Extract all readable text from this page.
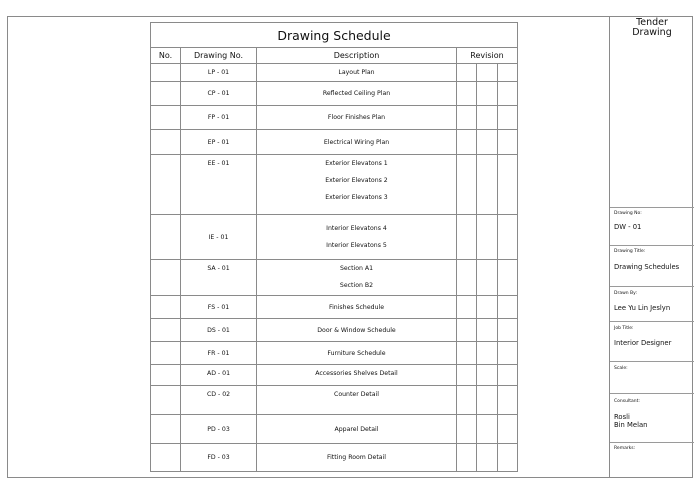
Drawing Schedule					
No.	Drawing No.	Description	Revision		

	LP - 01	Layout Plan			

	CP - 01	Reflected Ceiling Plan			

	FP - 01	Floor Finishes Plan			

	EP - 01	Electrical Wiring Plan			

	EE - 01	Exterior Elevatons 1
Exterior Elevatons 2
Exterior Elevatons 3			

	IE - 01	Interior Elevatons 4
Interior Elevatons 5			

	SA - 01	Section A1
Section B2			

	FS - 01	Finishes Schedule			

	DS - 01	Door & Window Schedule			

	FR - 01	Furniture Schedule			

	AD - 01	Accessories Shelves Detail			

	CD - 02	Counter Detail			

	PD - 03	Apparel Detail			

	FD - 03	Fitting Room Detail			

Tender
Drawing
Drawing No:
DW - 01
Drawing Title:
Drawing Schedules
Drawn By:
Lee Yu Lin Jeslyn
Job Title:
Interior Designer
Scale:
Consultant:
Rosli
Bin Melan
Remarks:
